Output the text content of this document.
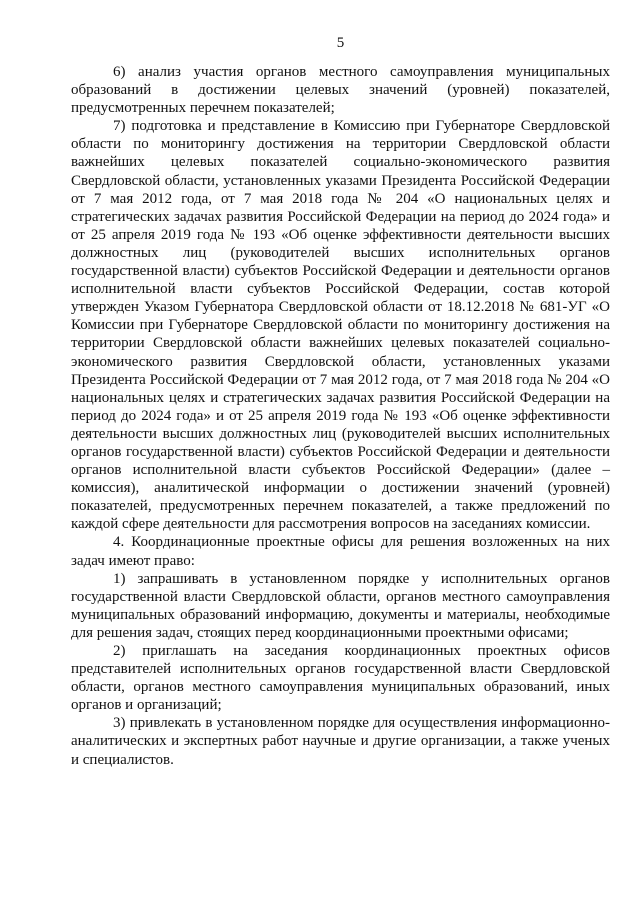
5

6) анализ участия органов местного самоуправления муниципальных образований в достижении целевых значений (уровней) показателей, предусмотренных перечнем показателей;

7) подготовка и представление в Комиссию при Губернаторе Свердловской области по мониторингу достижения на территории Свердловской области важнейших целевых показателей социально-экономического развития Свердловской области, установленных указами Президента Российской Федерации от 7 мая 2012 года, от 7 мая 2018 года № 204 «О национальных целях и стратегических задачах развития Российской Федерации на период до 2024 года» и от 25 апреля 2019 года № 193 «Об оценке эффективности деятельности высших должностных лиц (руководителей высших исполнительных органов государственной власти) субъектов Российской Федерации и деятельности органов исполнительной власти субъектов Российской Федерации, состав которой утвержден Указом Губернатора Свердловской области от 18.12.2018 № 681-УГ «О Комиссии при Губернаторе Свердловской области по мониторингу достижения на территории Свердловской области важнейших целевых показателей социально-экономического развития Свердловской области, установленных указами Президента Российской Федерации от 7 мая 2012 года, от 7 мая 2018 года № 204 «О национальных целях и стратегических задачах развития Российской Федерации на период до 2024 года» и от 25 апреля 2019 года № 193 «Об оценке эффективности деятельности высших должностных лиц (руководителей высших исполнительных органов государственной власти) субъектов Российской Федерации и деятельности органов исполнительной власти субъектов Российской Федерации» (далее – комиссия), аналитической информации о достижении значений (уровней) показателей, предусмотренных перечнем показателей, а также предложений по каждой сфере деятельности для рассмотрения вопросов на заседаниях комиссии.

4. Координационные проектные офисы для решения возложенных на них задач имеют право:

1) запрашивать в установленном порядке у исполнительных органов государственной власти Свердловской области, органов местного самоуправления муниципальных образований информацию, документы и материалы, необходимые для решения задач, стоящих перед координационными проектными офисами;

2) приглашать на заседания координационных проектных офисов представителей исполнительных органов государственной власти Свердловской области, органов местного самоуправления муниципальных образований, иных органов и организаций;

3) привлекать в установленном порядке для осуществления информационно-аналитических и экспертных работ научные и другие организации, а также ученых и специалистов.
